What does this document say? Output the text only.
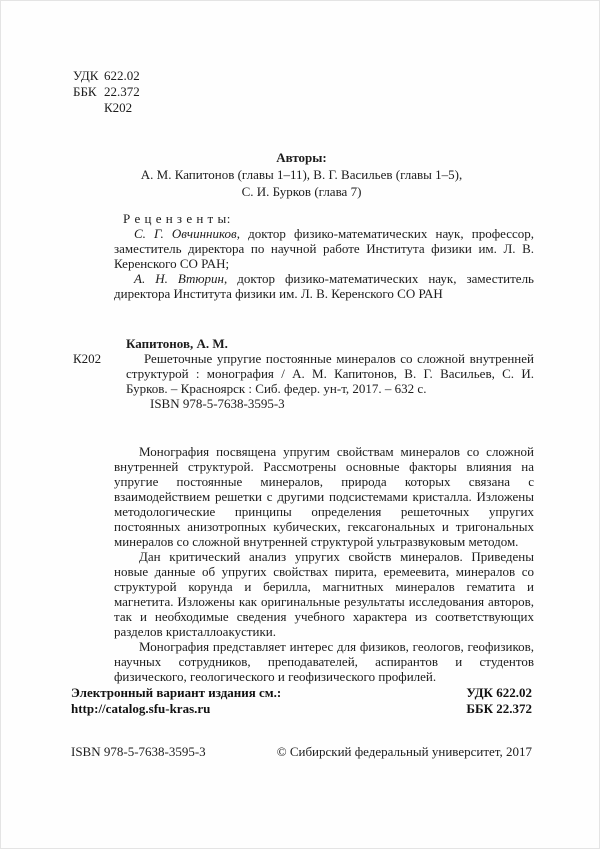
УДК 622.02
ББК 22.372
К202
Авторы:
А. М. Капитонов (главы 1–11), В. Г. Васильев (главы 1–5),
С. И. Бурков (глава 7)
Р е ц е н з е н т ы:

С. Г. Овчинников, доктор физико-математических наук, профессор, заместитель директора по научной работе Института физики им. Л. В. Керенского СО РАН;

А. Н. Втюрин, доктор физико-математических наук, заместитель директора Института физики им. Л. В. Керенского СО РАН

К202
Капитонов, А. М.

Решеточные упругие постоянные минералов со сложной внутренней структурой : монография / А. М. Капитонов, В. Г. Васильев, С. И. Бурков. – Красноярск : Сиб. федер. ун-т, 2017. – 632 с.

ISBN 978-5-7638-3595-3

Монография посвящена упругим свойствам минералов со сложной внутренней структурой. Рассмотрены основные факторы влияния на упругие постоянные минералов, природа которых связана с взаимодействием решетки с другими подсистемами кристалла. Изложены методологические принципы определения решеточных упругих постоянных анизотропных кубических, гексагональных и тригональных минералов со сложной внутренней структурой ультразвуковым методом.

Дан критический анализ упругих свойств минералов. Приведены новые данные об упругих свойствах пирита, еремеевита, минералов со структурой корунда и берилла, магнитных минералов гематита и магнетита. Изложены как оригинальные результаты исследования авторов, так и необходимые сведения учебного характера из соответствующих разделов кристаллоакустики.

Монография представляет интерес для физиков, геологов, геофизиков, научных сотрудников, преподавателей, аспирантов и студентов физического, геологического и геофизического профилей.

Электронный вариант издания см.:
http://catalog.sfu-kras.ru
УДК 622.02
ББК 22.372
ISBN 978-5-7638-3595-3	© Сибирский федеральный университет, 2017
